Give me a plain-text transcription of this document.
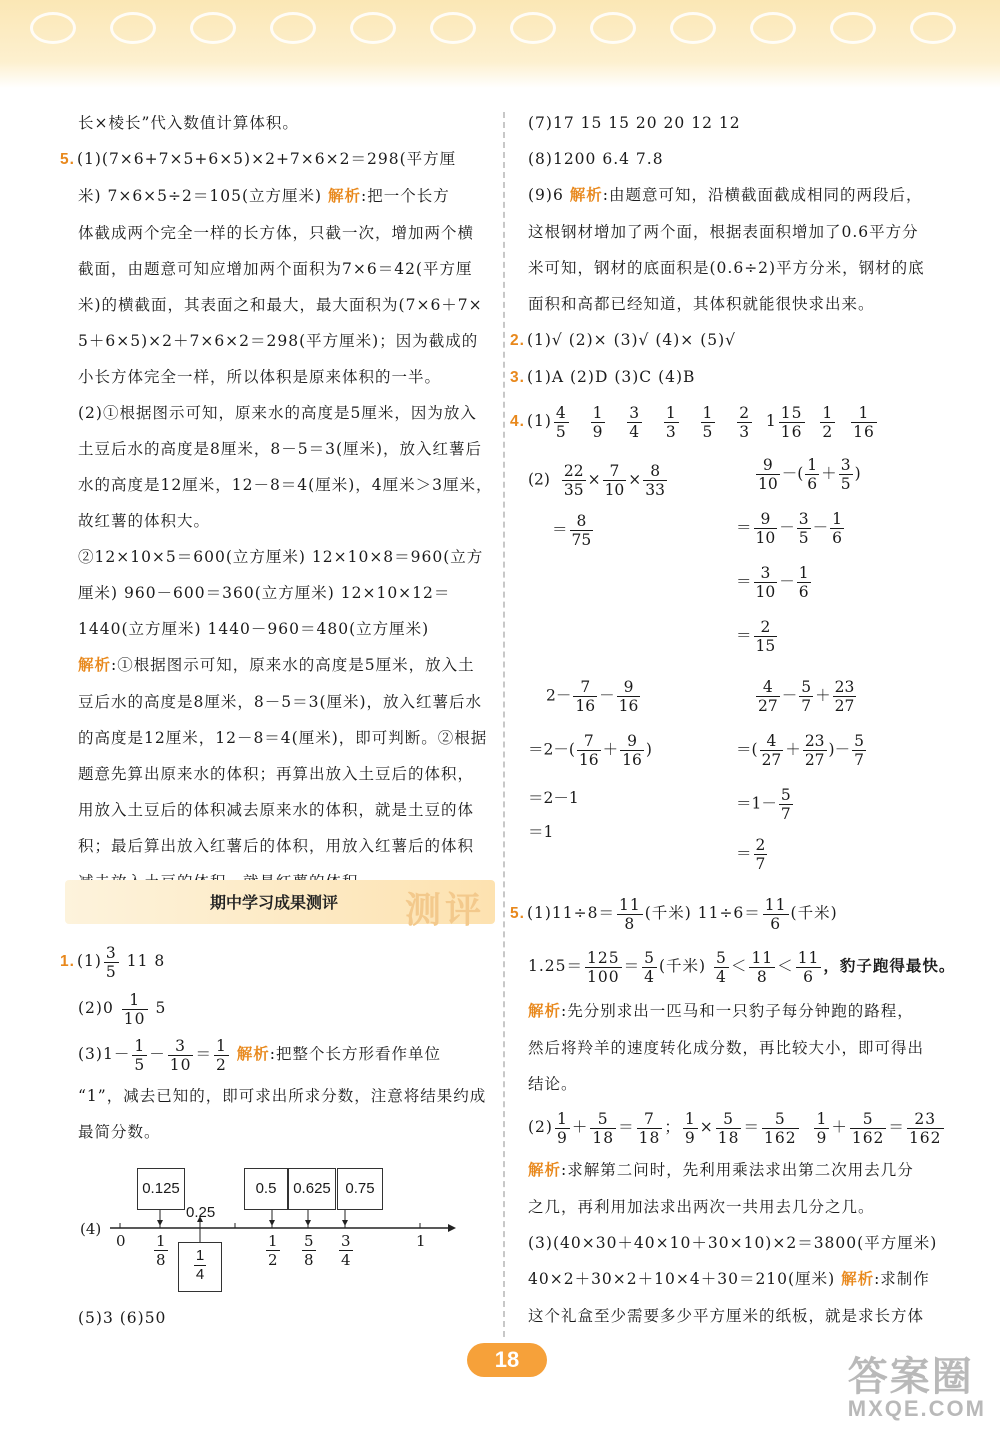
长×棱长”代入数值计算体积。
5. (1)(7×6+7×5+6×5)×2+7×6×2＝298(平方厘
米) 7×6×5÷2＝105(立方厘米) 解析:把一个长方
体截成两个完全一样的长方体，只截一次，增加两个横
截面，由题意可知应增加两个面积为7×6＝42(平方厘
米)的横截面，其表面之和最大，最大面积为(7×6＋7×
5＋6×5)×2＋7×6×2＝298(平方厘米)；因为截成的
小长方体完全一样，所以体积是原来体积的一半。
(2)①根据图示可知，原来水的高度是5厘米，因为放入
土豆后水的高度是8厘米，8－5＝3(厘米)，放入红薯后
水的高度是12厘米，12－8＝4(厘米)，4厘米＞3厘米，
故红薯的体积大。
②12×10×5＝600(立方厘米) 12×10×8＝960(立方
厘米) 960－600＝360(立方厘米) 12×10×12＝
1440(立方厘米) 1440－960＝480(立方厘米)
解析:①根据图示可知，原来水的高度是5厘米，放入土
豆后水的高度是8厘米，8－5＝3(厘米)，放入红薯后水
的高度是12厘米，12－8＝4(厘米)，即可判断。②根据
题意先算出原来水的体积；再算出放入土豆后的体积，
用放入土豆后的体积减去原来水的体积，就是土豆的体
积；最后算出放入红薯后的体积，用放入红薯后的体积
期中学习成果测评 测评
1. $(1) \frac{3}{5} 11$ 8
$(2)0 \frac{1}{10} 5$
$(3)1- \frac{1}{5} - \frac{3}{10} = \frac{1}{2}$ 解析:把整个长方形看作单位
“1”，减去已知的，即可求出所求分数，注意将结果约成
最简分数。
(4)
0.125
0.25
0.5	0.625 0.75
$\frac{1}{4}$
0 1
8
1
2
5
8
3
4
1
(5)3 (6)50
(7)17 15 15 20 20 12 12
(8)1200 6.4 7.8
(9)6 解析:由题意可知，沿横截面截成相同的两段后，
这根钢材增加了两个面，根据表面积增加了0.6平方分
米可知，钢材的底面积是(0.6÷2)平方分米，钢材的底
面积和高都已经知道，其体积就能很快求出来。
2. (1)√ (2)× (3)√ (4)× (5)√
3. (1)A (2)D (3)C (4)B
4. $(1) \frac{4}{5}$
$\frac{1}{9}$
$\frac{3}{4}$
$\frac{1}{3}$
$\frac{1}{5}$
$\frac{2}{3} 1 \frac{15}{16}$
$\frac{1}{2}$
$\frac{1}{16}$
$(2) \frac{22}{35} \times \frac{7}{10} \times \frac{8}{33}$
＝ $\frac{8}{75}$
$\frac{9}{10}$ －( $\frac{1}{6} + \frac{3}{5}$ )
＝ $\frac{9}{10} - \frac{3}{5} - \frac{1}{6}$
＝ $\frac{3}{10} - \frac{1}{6}$
＝ $\frac{2}{15}$
$2- \frac{7}{16} - \frac{9}{16}$
$=2-( \frac{7}{16} + \frac{9}{16}$ )
＝2－1
＝1
$\frac{4}{27} - \frac{5}{7} + \frac{23}{27}$
＝( $\frac{4}{27} + \frac{23}{27}$ )－ $\frac{5}{7}$
$=1- \frac{5}{7}$
＝ $\frac{2}{7}$
5. $(1)11\div 8= \frac{11}{8}$ (千米) $11\div 6= \frac{11}{6}$ (千米)
$1.25= \frac{125}{100} = \frac{5}{4}$ (千米) $\frac{5}{4} < \frac{11}{8} < \frac{11}{6}$ ，豹子跑得最快。
解析:先分别求出一匹马和一只豹子每分钟跑的路程，
然后将羚羊的速度转化成分数，再比较大小，即可得出
结论。
$(2) \frac{1}{9} + \frac{5}{18} = \frac{7}{18}$ ； $\frac{1}{9} \times \frac{5}{18} = \frac{5}{162}$
$\frac{1}{9} + \frac{5}{162} = \frac{23}{162}$
解析:求解第二问时，先利用乘法求出第二次用去几分
之几，再利用加法求出两次一共用去几分之几。
(3)(40×30＋40×10＋30×10)×2＝3800(平方厘米)
40×2＋30×2＋10×4＋30＝210(厘米) 解析:求制作
这个礼盒至少需要多少平方厘米的纸板，就是求长方体
18	答案圈
MXQE.COM
